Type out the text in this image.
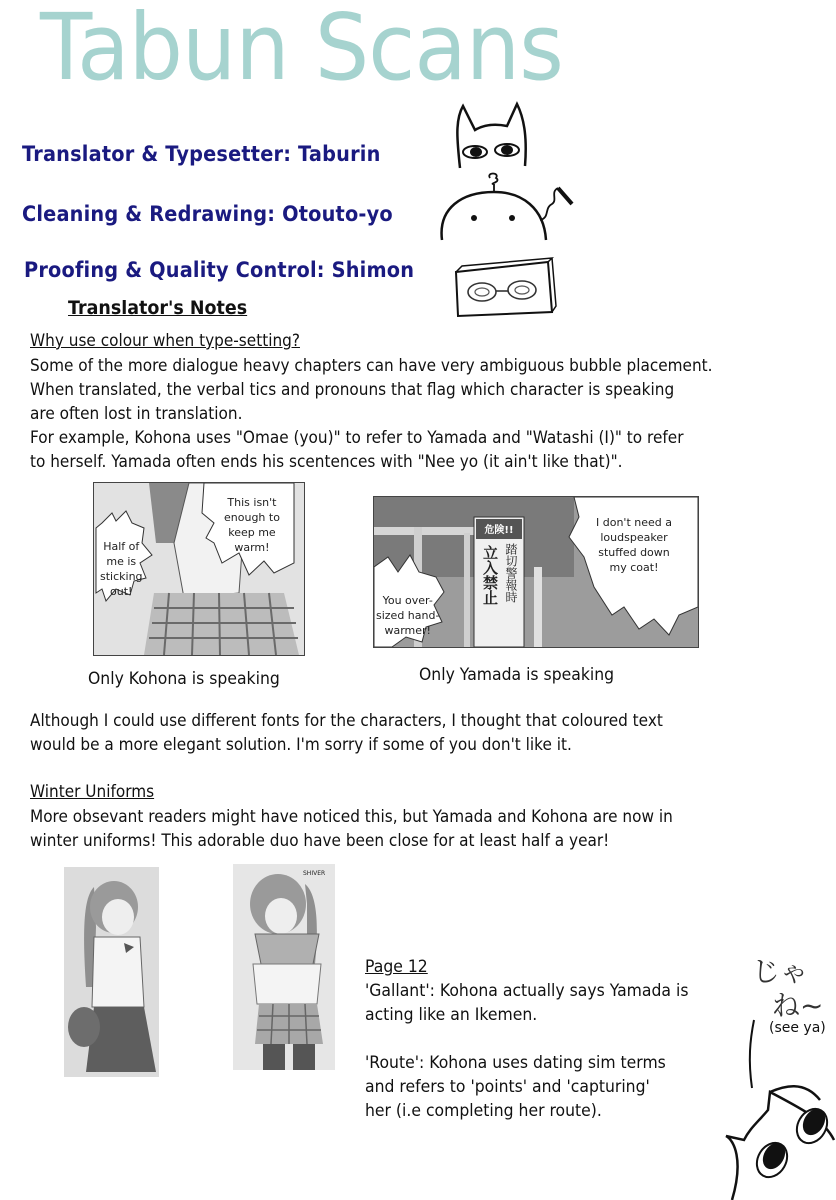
Tabun Scans
Translator & Typesetter: Taburin
Cleaning & Redrawing: Otouto-yo
Proofing & Quality Control: Shimon
Translator's Notes
Why use colour when type-setting?
Some of the more dialogue heavy chapters can have very ambiguous bubble placement.
When translated, the verbal tics and pronouns that flag which character is speaking
are often lost in translation.
For example, Kohona uses "Omae (you)" to refer to Yamada and "Watashi (I)" to refer
to herself. Yamada often ends his scentences with "Nee yo (it ain't like that)".
This isn't
enough to
keep me
warm!
Half of
me is
sticking
out!
Only Kohona is speaking
I don't need a
loudspeaker
stuffed down
my coat!
You over-
sized hand-
warmer!
危険!!
立入禁止 踏切警報時
Only Yamada is speaking
Although I could use different fonts for the characters, I thought that coloured text
would be a more elegant solution. I'm sorry if some of you don't like it.
Winter Uniforms
More obsevant readers might have noticed this, but Yamada and Kohona are now in
winter uniforms! This adorable duo have been close for at least half a year!
SHIVER
Page 12
'Gallant': Kohona actually says Yamada is
acting like an Ikemen.
'Route': Kohona uses dating sim terms
and refers to 'points' and 'capturing'
her (i.e completing her route).
じゃ
ね~
(see ya)
